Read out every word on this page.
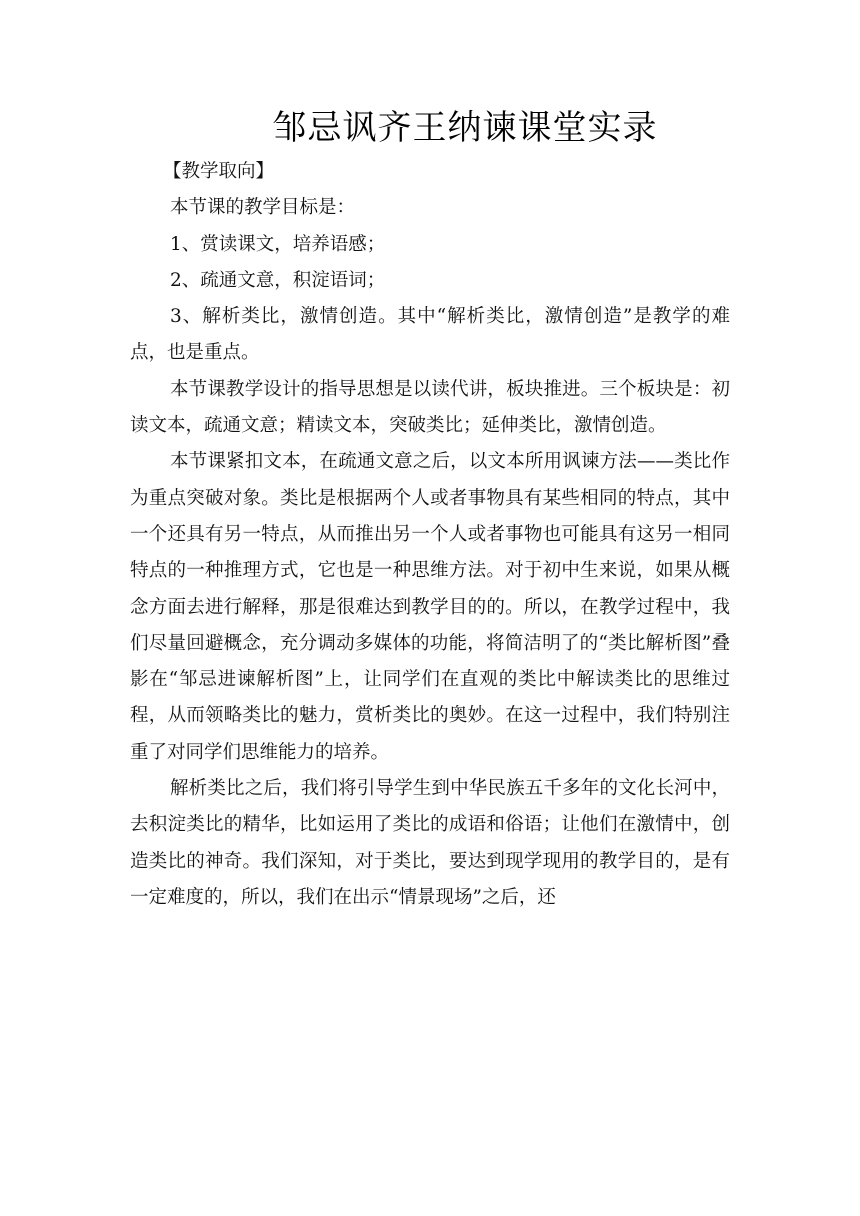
邹忌讽齐王纳谏课堂实录

【教学取向】

本节课的教学目标是：

1、赏读课文，培养语感；

2、疏通文意，积淀语词；

3、解析类比，激情创造。其中“解析类比，激情创造”是教学的难点，也是重点。

本节课教学设计的指导思想是以读代讲，板块推进。三个板块是：初读文本，疏通文意；精读文本，突破类比；延伸类比，激情创造。

本节课紧扣文本，在疏通文意之后，以文本所用讽谏方法——类比作为重点突破对象。类比是根据两个人或者事物具有某些相同的特点，其中一个还具有另一特点，从而推出另一个人或者事物也可能具有这另一相同特点的一种推理方式，它也是一种思维方法。对于初中生来说，如果从概念方面去进行解释，那是很难达到教学目的的。所以，在教学过程中，我们尽量回避概念，充分调动多媒体的功能，将简洁明了的“类比解析图”叠影在“邹忌进谏解析图”上，让同学们在直观的类比中解读类比的思维过程，从而领略类比的魅力，赏析类比的奥妙。在这一过程中，我们特别注重了对同学们思维能力的培养。

解析类比之后，我们将引导学生到中华民族五千多年的文化长河中，去积淀类比的精华，比如运用了类比的成语和俗语；让他们在激情中，创造类比的神奇。我们深知，对于类比，要达到现学现用的教学目的，是有一定难度的，所以，我们在出示“情景现场”之后，还
